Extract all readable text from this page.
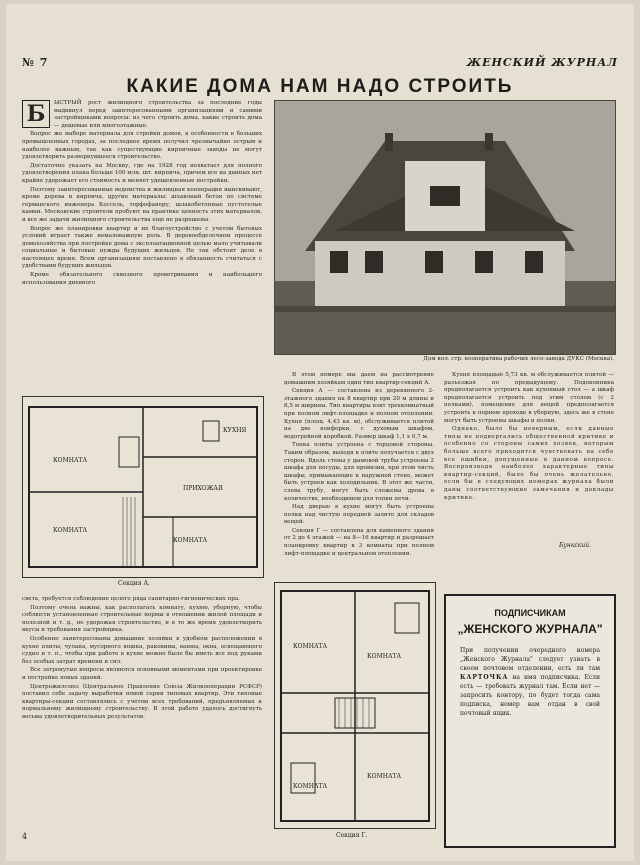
№ 7	ЖЕНСКИЙ ЖУРНАЛ
КАКИЕ ДОМА НАМ НАДО СТРОИТЬ
Б	ЫСТРЫЙ рост жилищного строительства за последние годы выдвинул перед заинтересованными организациями и самими застройщиками вопросы: из чего строить дома, какие строить дома — дешевые или многоэтажные.

Вопрос же выборе материала для стройки домов, в особенности в больших промышленных городах, за последнее время получил чрезвычайно острым и наиболее важным, так как существующие кирпичные заводы не могут удовлетворить развернувшееся строительство.

Достаточно указать на Москву, где на 1928 год нехватает для полного удовлетворения плана больше 100 млн. шт. кирпича, причем все на данных нет крайне удорожает его стоимость и меняет удешевленные постройки.

Поэтому заинтересованные ведомства и жилищная кооперация выискивают, кроме дерева и кирпича, другие материалы: шлаковый бетон по системе германского инженера Коссель, торфофанеру, шлакобетонные пустотелые камни. Московские строители пробуют на практике ценность этих материалов, и все же задачи жилищного строительства еще не разрешены.

Вопрос же планировки квартир и их благоустройство с учетом бытовых условий играет также немаловажную роль. В деревообделочном процессе домохозяйства при постройке дома с эксплоатационной целью мало учитывали социальные и бытовые нужды будущих жильцов. Не так обстоит дело в настоящее время. Всем организациям поставлено в обязанность считаться с удобствами будущих жильцов.

Кроме обязательного сквозного проветривания и наибольшего использования дневного

КОМНАТА
КОМНАТА
КОМНАТА
ПРИХОЖАЯ
КУХНЯ
Секция А.

света, требуется соблюдение целого ряда санитарно-гигиенических пра.

Поэтому очень важны, как располагать комнату, кухню, уборную, чтобы соблюсти установленные строительные нормы в отношении жилой площади и полезной и т. д., не удорожая строительство, и в то же время удовлетворить вкусы и требования застройщика.

Особенно заинтересованы домашние хозяйки в удобном расположении в кухне плиты, чулана, мусорного ящика, раковины, ванны, окна, освещающего судно и т. п., чтобы при работе в кухне можно было бы иметь все под руками без особых затрат времени и сил.

Все затронутые вопросы являются основными моментами при проектировке и постройке новых зданий.

Центрожилсоюз (Центральное Правление Союза Жилкооперации РСФСР) поставил себе задачу выработки новой серии типовых квартир. Эти типовые квартиры-секции составлялись с учетом всех требований, предъявляемых к нормальному жилищному строительству. В этой работе удалось достигнуть весьма удовлетворительных результатов.

Дом кол. стр. кооператива рабочих лесо-завода ДУКС (Москва).

В этом номере мы даем на рассмотрение домашним хозяйкам один тип квартир-секций А.

Секция А — составлена из деревянного 2-этажного здания на 8 квартир при 20 м длины и 8,5 м ширины. Тип квартиры взят трехкомнатный при полном лифт-площадке и полном отоплении. Кухня (площ. 4,43 кв. м), обслуживается плитой на две конфорки, с духовым шкафом, водогрейной коробкой. Размер шкаф 1,1 х 0,7 м.

Топка плиты устроена с торцовой стороны. Таким образом, выходя к плите получается с двух сторон. Вдоль стены у дымовой трубы устроены 2 шкафа для посуды, для провизии, при этом чисть шкафы, примыкающие к наружной стене, может быть устроен как холодильник. В этот же части, слева трубу, могут быть сложены дрова в количестве, необходимом для топки печи.

Над дверью в кухне могут быть устроены полки над чистую передней залито для складов вещей.

Секция Г — составлена для каменного здания от 2 до 4 этажей — на 8—16 квартир и разрешает планировку квартир в 3 комнаты при полном лифт-площадке и центральном отоплении.

Кухня площадью 5,73 кв. м обслуживается плитой — разъезжая по предыдущему. Подоконника предполагается устроить как кухонный стол — а шкаф предполагается устроить под этим столом (с 2 полками), помещение для вещей предполагается устроить в порном проходе в уборную, здесь же в стене могут быть устроены шкафы и полки.

Однако, было бы неверным, если данные типы не подвергались общественной критике и особенно со стороны самих хозяек, которым больше всего приходится чувствовать на себе все ошибки, допущенные в данном вопросе. Воспроизводя наиболее характерные типы квартир-секций, было бы очень желательно, если бы в следующих номерах журнала были даны соответствующие замечания и доклады критике.

Бункский.
КОМНАТА
КОМНАТА
КОМНАТА
КОМНАТА
Секция Г.
ПОДПИСЧИКАМ
„ЖЕНСКОГО ЖУРНАЛА"
При получении очередного номера „Женского Журнала" следует узнать в своем почтовом отделении, есть ли там КАРТОЧКА на имя подписчика. Если есть — требовать журнал там. Если нет — запросить контору, по будет тогда сама подписка, номер вам отдан в свой почтовый ящик.
4
